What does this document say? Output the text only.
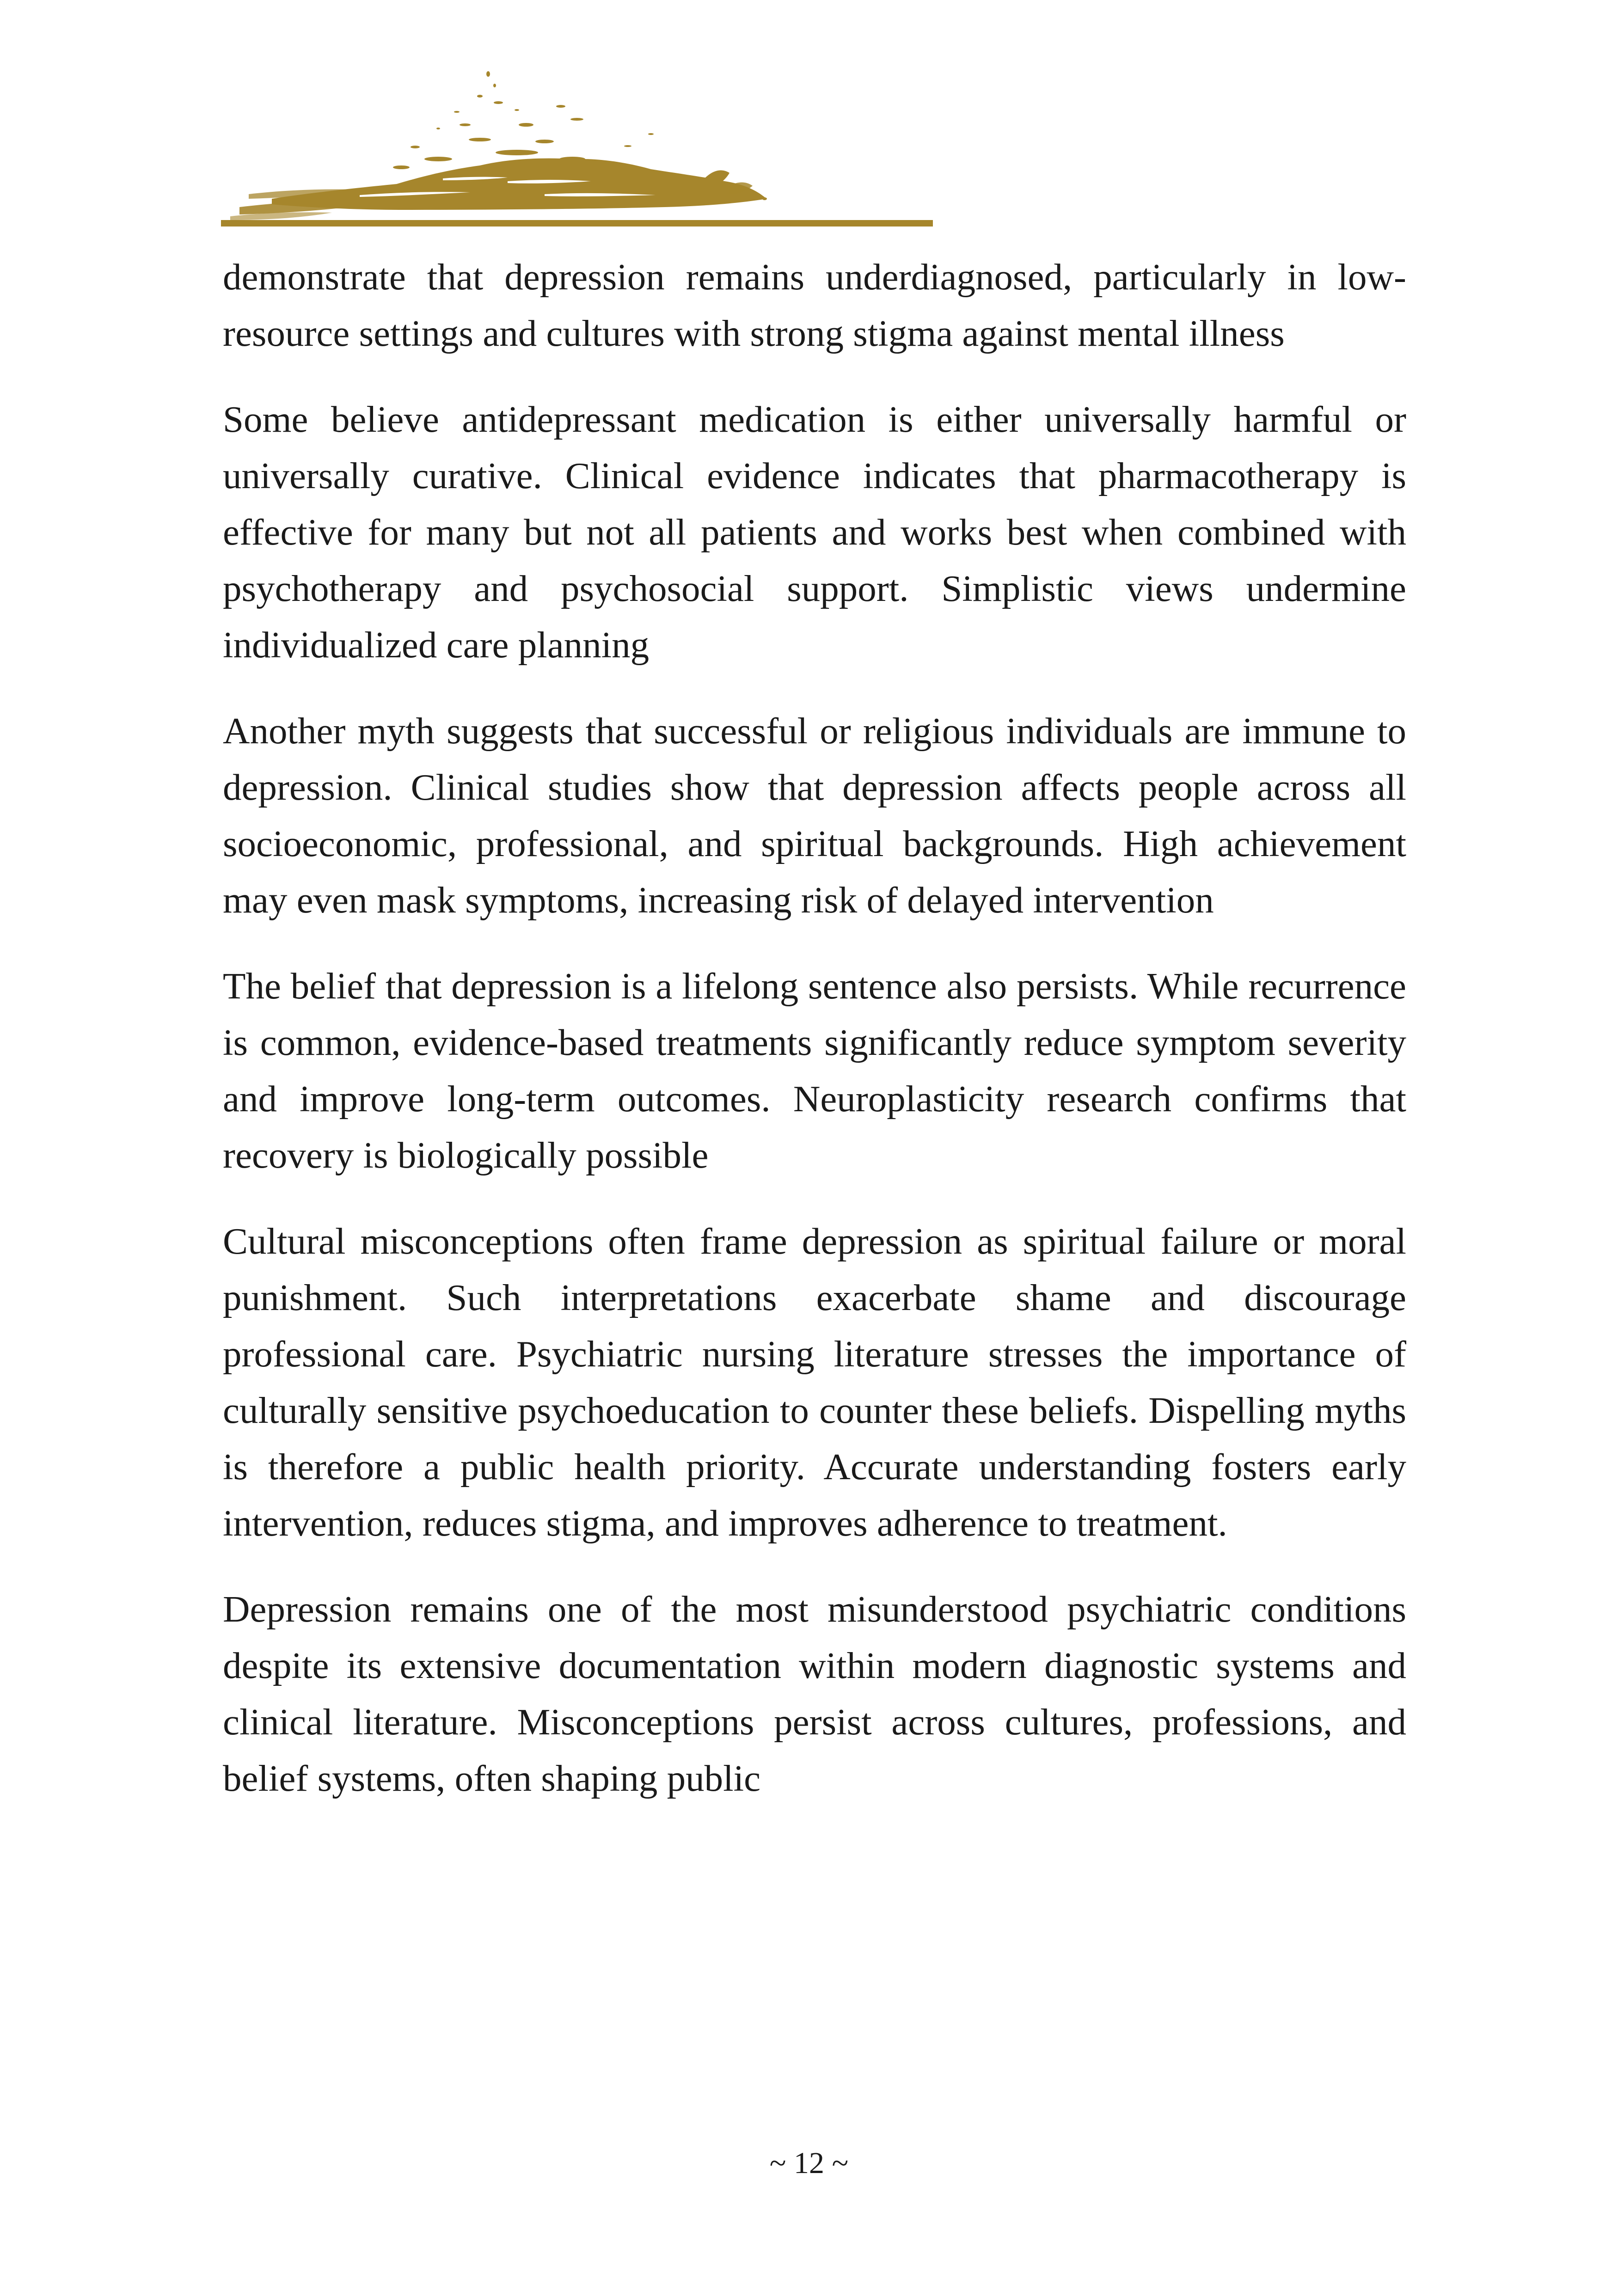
demonstrate that depression remains underdiagnosed, particularly in low-resource settings and cultures with strong stigma against mental illness

Some believe antidepressant medication is either universally harmful or universally curative. Clinical evidence indicates that pharmacotherapy is effective for many but not all patients and works best when combined with psychotherapy and psychosocial support. Simplistic views undermine individualized care planning

Another myth suggests that successful or religious individuals are immune to depression. Clinical studies show that depression affects people across all socioeconomic, professional, and spiritual backgrounds. High achievement may even mask symptoms, increasing risk of delayed intervention

The belief that depression is a lifelong sentence also persists. While recurrence is common, evidence-based treatments significantly reduce symptom severity and improve long-term outcomes. Neuroplasticity research confirms that recovery is biologically possible

Cultural misconceptions often frame depression as spiritual failure or moral punishment. Such interpretations exacerbate shame and discourage professional care. Psychiatric nursing literature stresses the importance of culturally sensitive psychoeducation to counter these beliefs. Dispelling myths is therefore a public health priority. Accurate understanding fosters early intervention, reduces stigma, and improves adherence to treatment.

Depression remains one of the most misunderstood psychiatric conditions despite its extensive documentation within modern diagnostic systems and clinical literature. Misconceptions persist across cultures, professions, and belief systems, often shaping public

~ 12 ~
